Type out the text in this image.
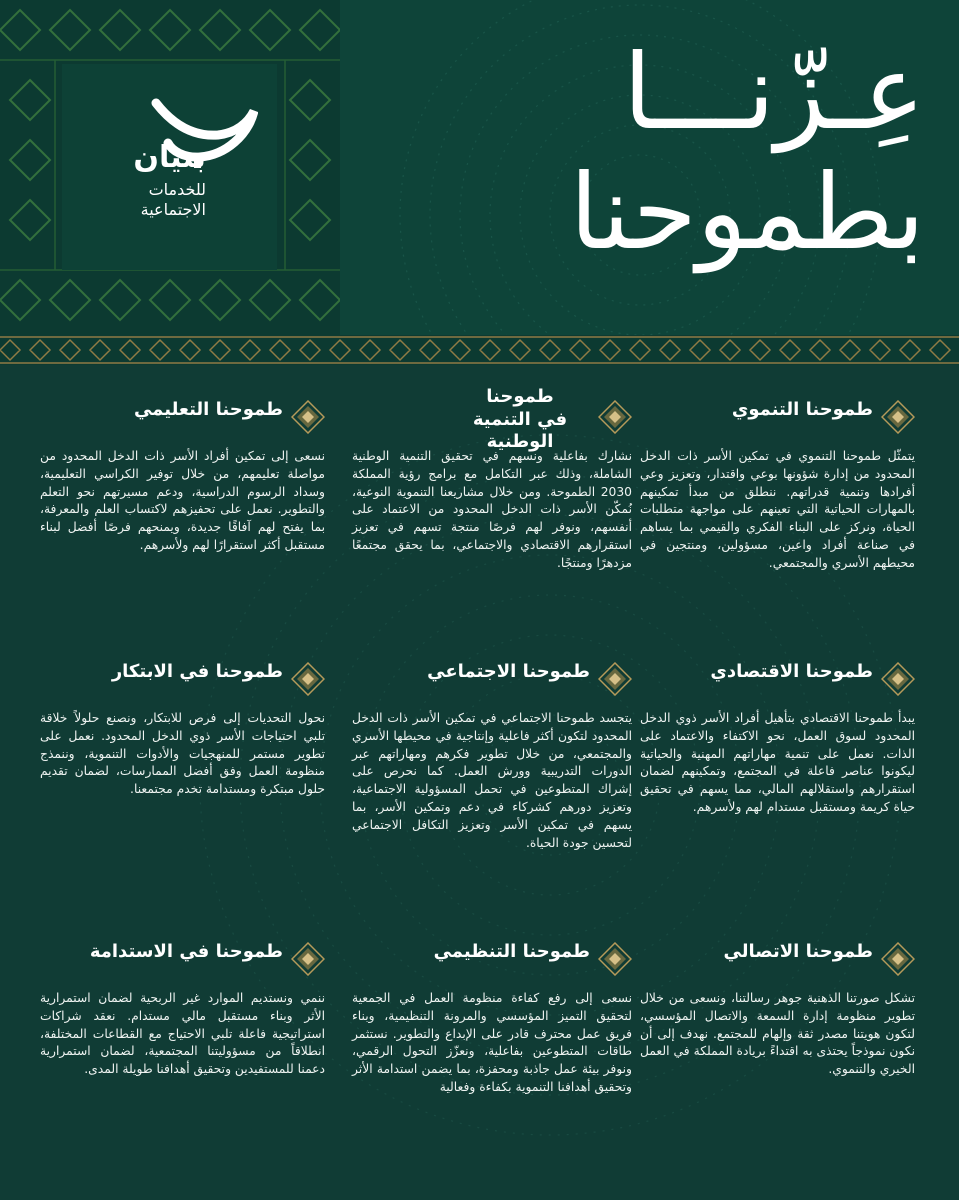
بنيان
للخدمات
الاجتماعية
عِـزّنـــا
بطموحنا
طموحنا التنموي
يتمثّل طموحنا التنموي في تمكين الأسر ذات الدخل المحدود من إدارة شؤونها بوعي واقتدار، وتعزيز وعي أفرادها وتنمية قدراتهم. ننطلق من مبدأ تمكينهم بالمهارات الحياتية التي تعينهم على مواجهة متطلبات الحياة، ونركز على البناء الفكري والقيمي بما يساهم في صناعة أفراد واعين، مسؤولين، ومنتجين في محيطهم الأسري والمجتمعي.
طموحنا
في التنمية الوطنية
نشارك بفاعلية ونسهم في تحقيق التنمية الوطنية الشاملة، وذلك عبر التكامل مع برامج رؤية المملكة 2030 الطموحة. ومن خلال مشاريعنا التنموية النوعية، نُمكّن الأسر ذات الدخل المحدود من الاعتماد على أنفسهم، ونوفر لهم فرصًا منتجة تسهم في تعزيز استقرارهم الاقتصادي والاجتماعي، بما يحقق مجتمعًا مزدهرًا ومنتجًا.
طموحنا التعليمي
نسعى إلى تمكين أفراد الأسر ذات الدخل المحدود من مواصلة تعليمهم، من خلال توفير الكراسي التعليمية، وسداد الرسوم الدراسية، ودعم مسيرتهم نحو التعلم والتطوير. نعمل على تحفيزهم لاكتساب العلم والمعرفة، بما يفتح لهم آفاقًا جديدة، ويمنحهم فرصًا أفضل لبناء مستقبل أكثر استقرارًا لهم ولأسرهم.
طموحنا الاقتصادي
يبدأ طموحنا الاقتصادي بتأهيل أفراد الأسر ذوي الدخل المحدود لسوق العمل، نحو الاكتفاء والاعتماد على الذات. نعمل على تنمية مهاراتهم المهنية والحياتية ليكونوا عناصر فاعلة في المجتمع، وتمكينهم لضمان استقرارهم واستقلالهم المالي، مما يسهم في تحقيق حياة كريمة ومستقبل مستدام لهم ولأسرهم.
طموحنا الاجتماعي
يتجسد طموحنا الاجتماعي في تمكين الأسر ذات الدخل المحدود لتكون أكثر فاعلية وإنتاجية في محيطها الأسري والمجتمعي، من خلال تطوير فكرهم ومهاراتهم عبر الدورات التدريبية وورش العمل. كما نحرص على إشراك المتطوعين في تحمل المسؤولية الاجتماعية، وتعزيز دورهم كشركاء في دعم وتمكين الأسر، بما يسهم في تمكين الأسر وتعزيز التكافل الاجتماعي لتحسين جودة الحياة.
طموحنا في الابتكار
نحول التحديات إلى فرص للابتكار، ونصنع حلولاً خلاقة تلبي احتياجات الأسر ذوي الدخل المحدود. نعمل على تطوير مستمر للمنهجيات والأدوات التنموية، وننمذج منظومة العمل وفق أفضل الممارسات، لضمان تقديم حلول مبتكرة ومستدامة تخدم مجتمعنا.
طموحنا الاتصالي
تشكل صورتنا الذهنية جوهر رسالتنا، ونسعى من خلال تطوير منظومة إدارة السمعة والاتصال المؤسسي، لتكون هويتنا مصدر ثقة وإلهام للمجتمع. نهدف إلى أن نكون نموذجاً يحتذى به اقتداءً بريادة المملكة في العمل الخيري والتنموي.
طموحنا التنظيمي
نسعى إلى رفع كفاءة منظومة العمل في الجمعية لتحقيق التميز المؤسسي والمرونة التنظيمية، وبناء فريق عمل محترف قادر على الإبداع والتطوير. نستثمر طاقات المتطوعين بفاعلية، ونعزّز التحول الرقمي، ونوفر بيئة عمل جاذبة ومحفزة، بما يضمن استدامة الأثر وتحقيق أهدافنا التنموية بكفاءة وفعالية
طموحنا في الاستدامة
ننمي ونستديم الموارد غير الربحية لضمان استمرارية الأثر وبناء مستقبل مالي مستدام. نعقد شراكات استراتيجية فاعلة تلبي الاحتياج مع القطاعات المختلفة، انطلاقاً من مسؤوليتنا المجتمعية، لضمان استمرارية دعمنا للمستفيدين وتحقيق أهدافنا طويلة المدى.
